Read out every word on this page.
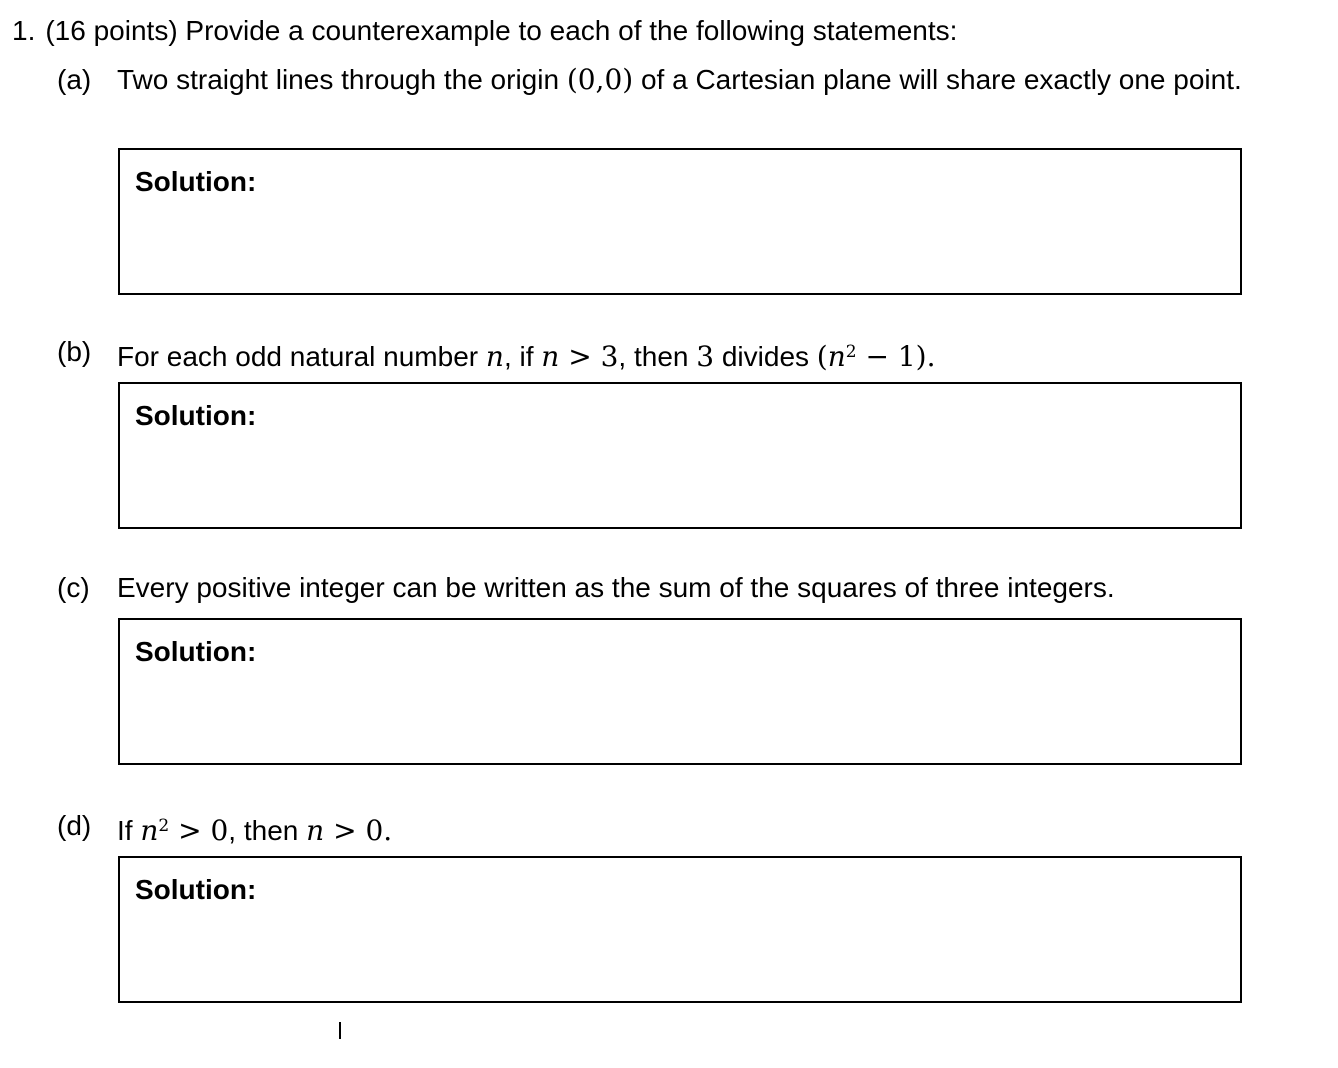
1. (16 points) Provide a counterexample to each of the following statements:
(a) Two straight lines through the origin (0,0) of a Cartesian plane will share exactly one point.
Solution:
(b) For each odd natural number n, if n > 3, then 3 divides $(n^2 - 1)$.
Solution:
(c) Every positive integer can be written as the sum of the squares of three integers.
Solution:
(d) If $n^2 > 0$, then n > 0.
Solution:
